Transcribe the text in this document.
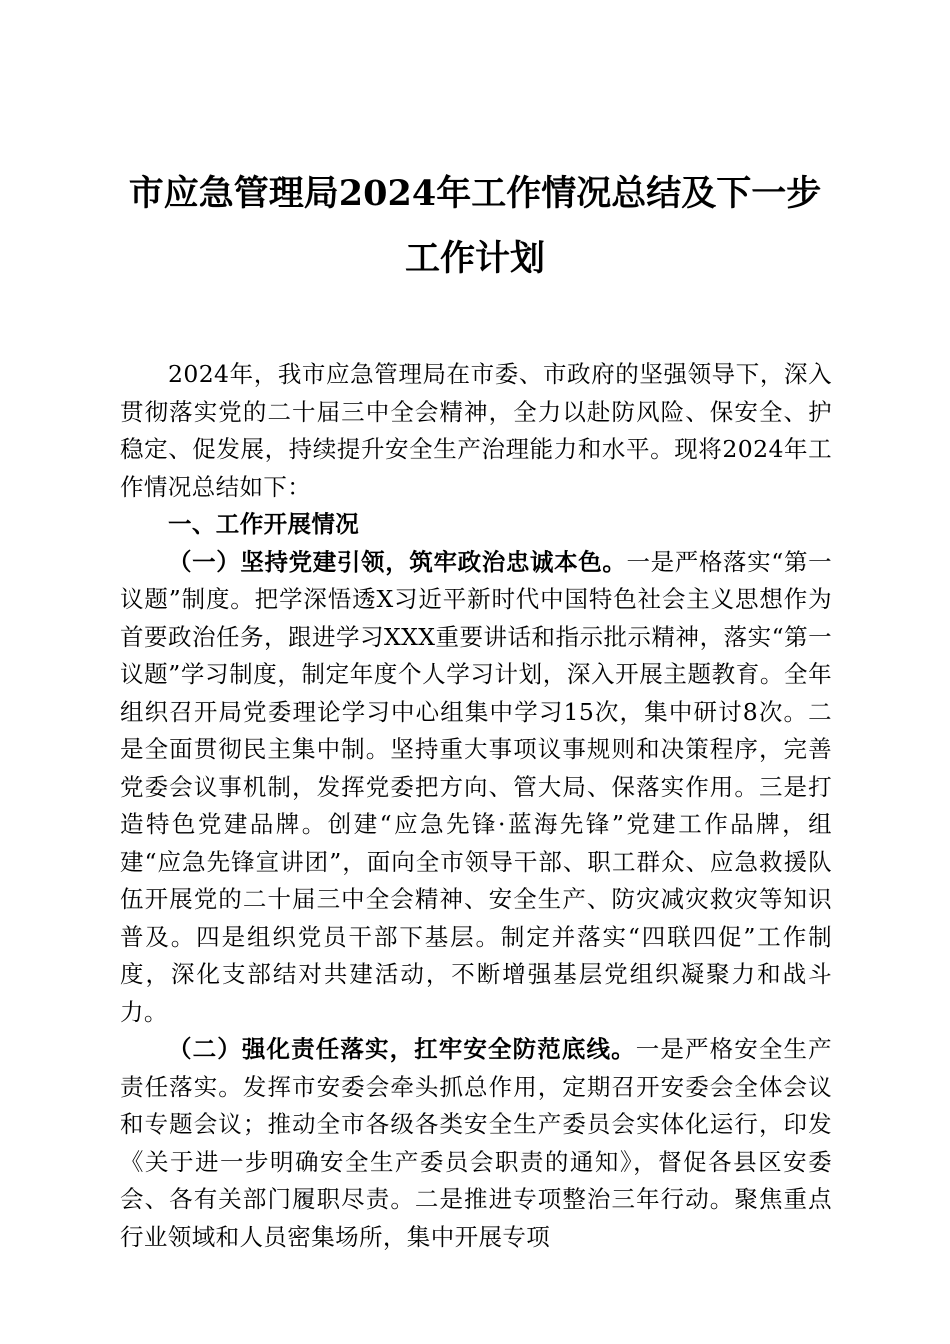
市应急管理局2024年工作情况总结及下一步
工作计划

2024年，我市应急管理局在市委、市政府的坚强领导下，深入贯彻落实党的二十届三中全会精神，全力以赴防风险、保安全、护稳定、促发展，持续提升安全生产治理能力和水平。现将2024年工作情况总结如下：

一、工作开展情况

（一）坚持党建引领，筑牢政治忠诚本色。一是严格落实“第一议题”制度。把学深悟透X习近平新时代中国特色社会主义思想作为首要政治任务，跟进学习XXX重要讲话和指示批示精神，落实“第一议题”学习制度，制定年度个人学习计划，深入开展主题教育。全年组织召开局党委理论学习中心组集中学习15次，集中研讨8次。二是全面贯彻民主集中制。坚持重大事项议事规则和决策程序，完善党委会议事机制，发挥党委把方向、管大局、保落实作用。三是打造特色党建品牌。创建“应急先锋·蓝海先锋”党建工作品牌，组建“应急先锋宣讲团”，面向全市领导干部、职工群众、应急救援队伍开展党的二十届三中全会精神、安全生产、防灾减灾救灾等知识普及。四是组织党员干部下基层。制定并落实“四联四促”工作制度，深化支部结对共建活动，不断增强基层党组织凝聚力和战斗力。

（二）强化责任落实，扛牢安全防范底线。一是严格安全生产责任落实。发挥市安委会牵头抓总作用，定期召开安委会全体会议和专题会议；推动全市各级各类安全生产委员会实体化运行，印发《关于进一步明确安全生产委员会职责的通知》，督促各县区安委会、各有关部门履职尽责。二是推进专项整治三年行动。聚焦重点行业领域和人员密集场所，集中开展专项
